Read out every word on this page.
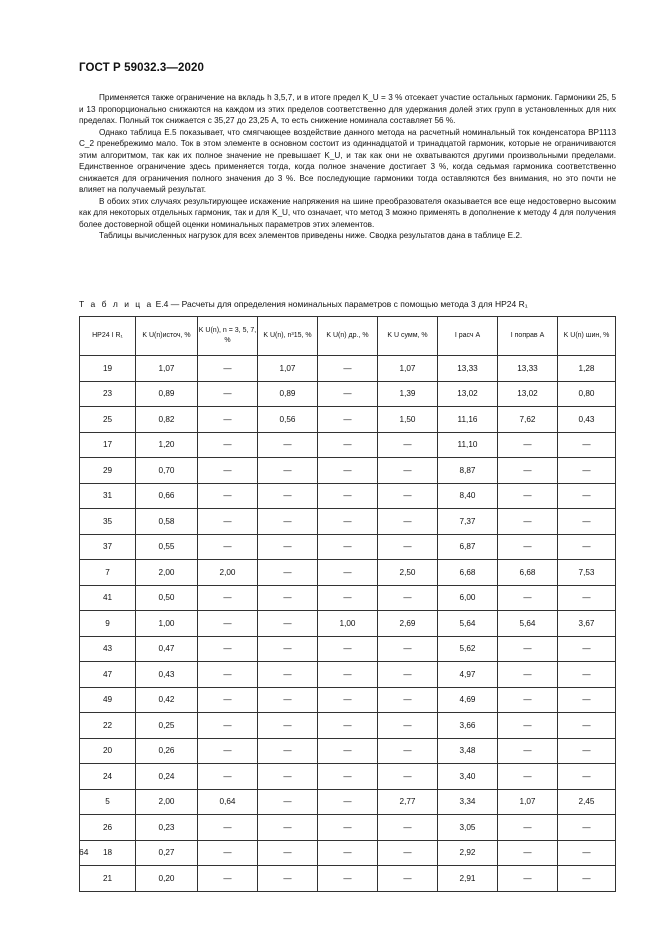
ГОСТ Р 59032.3—2020

Применяется также ограничение на вкладь h 3,5,7, и в итоге предел K_U = 3 % отсекает участие остальных гармоник. Гармоники 25, 5 и 13 пропорционально снижаются на каждом из этих пределов соответственно для удержания долей этих групп в установленных для них пределах. Полный ток снижается с 35,27 до 23,25 А, то есть снижение номинала составляет 56 %.

Однако таблица Е.5 показывает, что смягчающее воздействие данного метода на расчетный номинальный ток конденсатора ВР1113 C_2 пренебрежимо мало. Ток в этом элементе в основном состоит из одиннадцатой и тринадцатой гармоник, которые не ограничиваются этим алгоритмом, так как их полное значение не превышает K_U, и так как они не охватываются другими произвольными пределами. Единственное ограничение здесь применяется тогда, когда полное значение достигает 3 %, когда седьмая гармоника соответственно снижается для ограничения полного значения до 3 %. Все последующие гармоники тогда оставляются без внимания, но это почти не влияет на получаемый результат.

В обоих этих случаях результирующее искажение напряжения на шине преобразователя оказывается все еще недостоверно высоким как для некоторых отдельных гармоник, так и для K_U, что означает, что метод 3 можно применять в дополнение к методу 4 для получения более достоверной общей оценки номинальных параметров этих элементов.

Таблицы вычисленных нагрузок для всех элементов приведены ниже. Сводка результатов дана в таблице Е.2.

Т а б л и ц а Е.4 — Расчеты для определения номинальных параметров с помощью метода 3 для НР24 R₁
НР24 I R₁	K U(n)источ, %	K U(n), n = 3, 5, 7, %	K U(n), n³15, %	K U(n) др., %	K U сумм, %	I расч A	I поправ A	K U(n) шин, %
19	1,07	—	1,07	—	1,07	13,33	13,33	1,28
23	0,89	—	0,89	—	1,39	13,02	13,02	0,80
25	0,82	—	0,56	—	1,50	11,16	7,62	0,43
17	1,20	—	—	—	—	11,10	—	—
29	0,70	—	—	—	—	8,87	—	—
31	0,66	—	—	—	—	8,40	—	—
35	0,58	—	—	—	—	7,37	—	—
37	0,55	—	—	—	—	6,87	—	—
7	2,00	2,00	—	—	2,50	6,68	6,68	7,53
41	0,50	—	—	—	—	6,00	—	—
9	1,00	—	—	1,00	2,69	5,64	5,64	3,67
43	0,47	—	—	—	—	5,62	—	—
47	0,43	—	—	—	—	4,97	—	—
49	0,42	—	—	—	—	4,69	—	—
22	0,25	—	—	—	—	3,66	—	—
20	0,26	—	—	—	—	3,48	—	—
24	0,24	—	—	—	—	3,40	—	—
5	2,00	0,64	—	—	2,77	3,34	1,07	2,45
26	0,23	—	—	—	—	3,05	—	—
18	0,27	—	—	—	—	2,92	—	—
21	0,20	—	—	—	—	2,91	—	—
64
